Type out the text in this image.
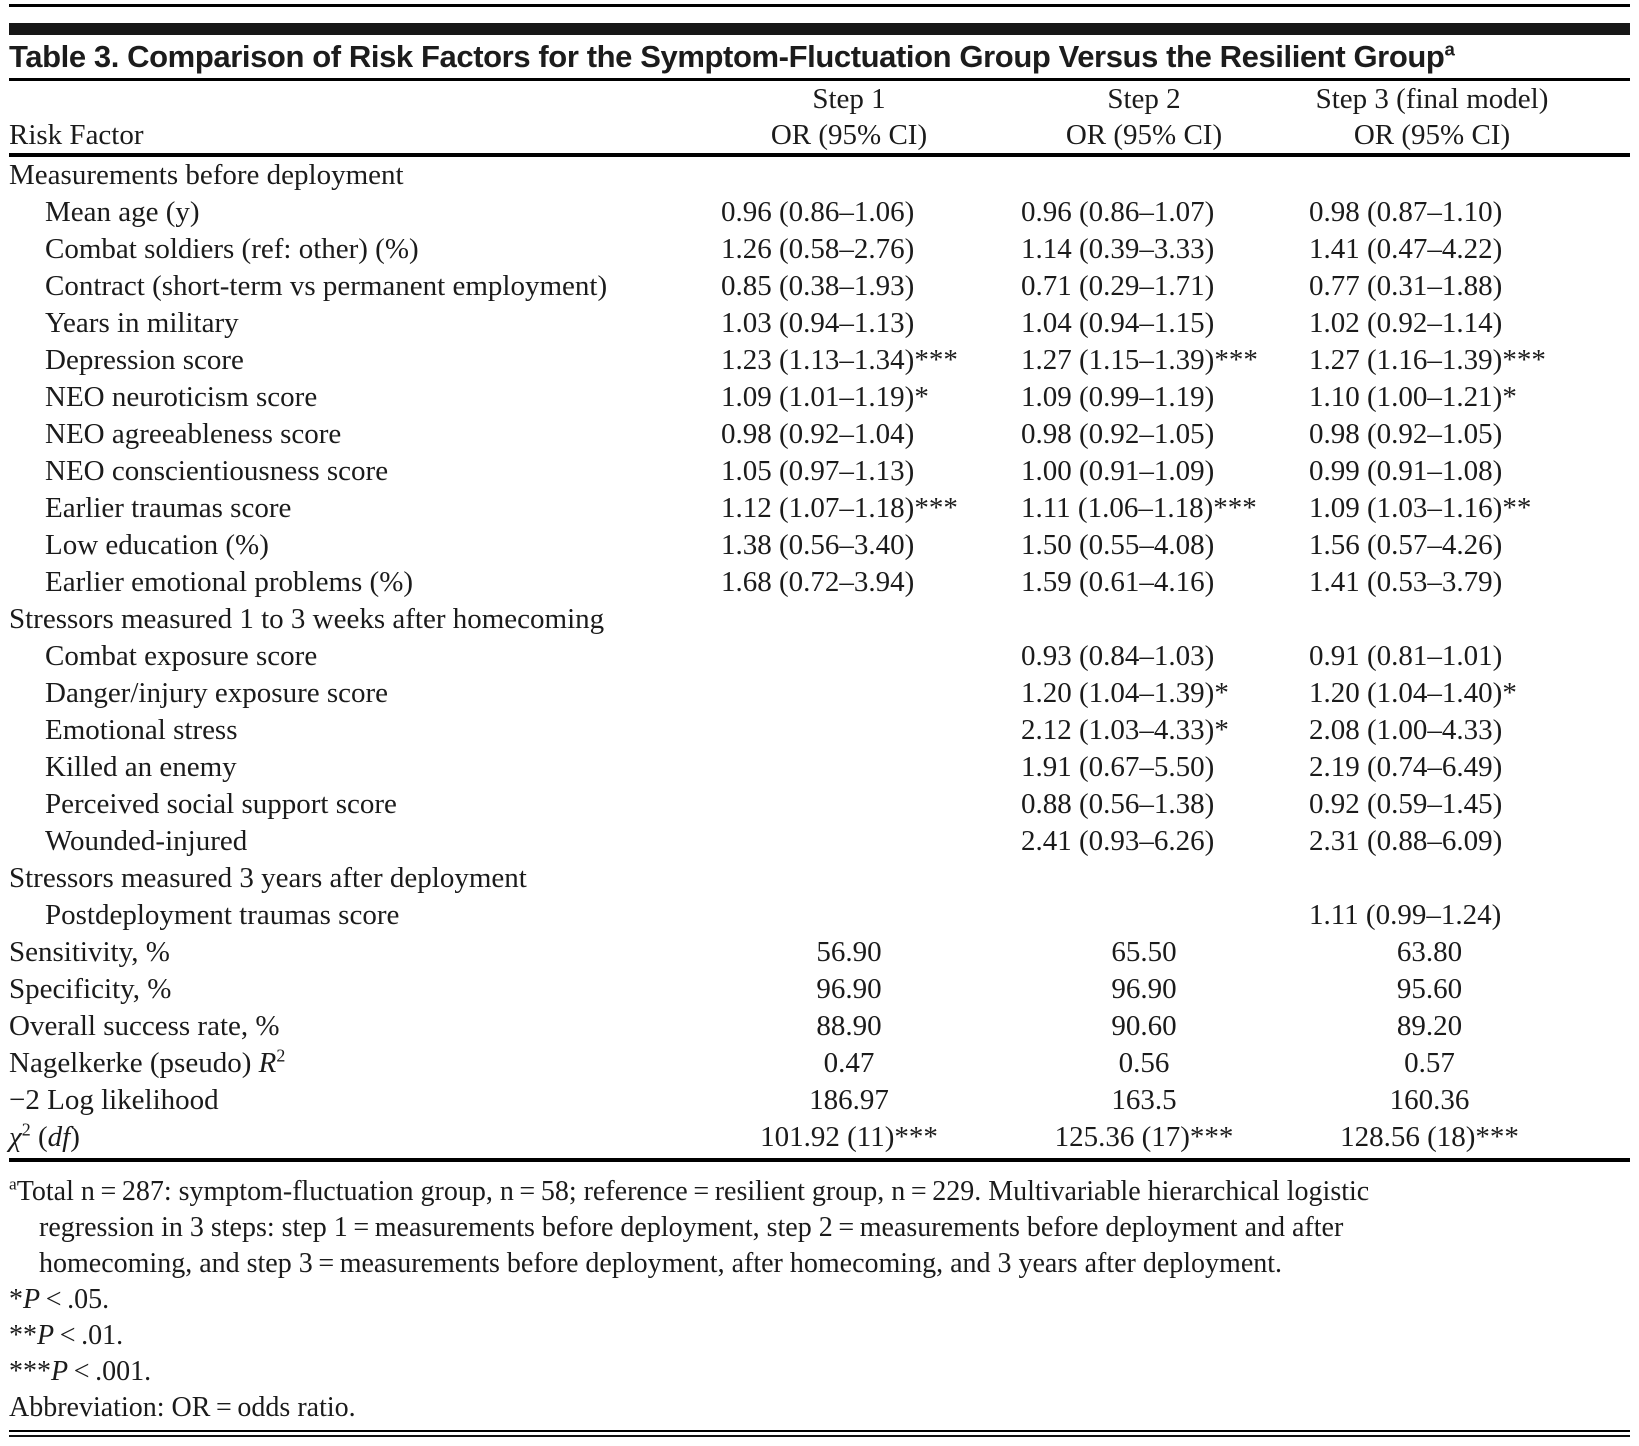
Table 3. Comparison of Risk Factors for the Symptom-Fluctuation Group Versus the Resilient Group$^a$
	Step 1	Step 2	Step 3 (final model)
Risk Factor	OR (95% CI)	OR (95% CI)	OR (95% CI)
Measurements before deployment			
Mean age (y)	0.96 (0.86–1.06)	0.96 (0.86–1.07)	0.98 (0.87–1.10)
Combat soldiers (ref: other) (%)	1.26 (0.58–2.76)	1.14 (0.39–3.33)	1.41 (0.47–4.22)
Contract (short-term vs permanent employment)	0.85 (0.38–1.93)	0.71 (0.29–1.71)	0.77 (0.31–1.88)
Years in military	1.03 (0.94–1.13)	1.04 (0.94–1.15)	1.02 (0.92–1.14)
Depression score	1.23 (1.13–1.34)***	1.27 (1.15–1.39)***	1.27 (1.16–1.39)***
NEO neuroticism score	1.09 (1.01–1.19)*	1.09 (0.99–1.19)	1.10 (1.00–1.21)*
NEO agreeableness score	0.98 (0.92–1.04)	0.98 (0.92–1.05)	0.98 (0.92–1.05)
NEO conscientiousness score	1.05 (0.97–1.13)	1.00 (0.91–1.09)	0.99 (0.91–1.08)
Earlier traumas score	1.12 (1.07–1.18)***	1.11 (1.06–1.18)***	1.09 (1.03–1.16)**
Low education (%)	1.38 (0.56–3.40)	1.50 (0.55–4.08)	1.56 (0.57–4.26)
Earlier emotional problems (%)	1.68 (0.72–3.94)	1.59 (0.61–4.16)	1.41 (0.53–3.79)
Stressors measured 1 to 3 weeks after homecoming			
Combat exposure score		0.93 (0.84–1.03)	0.91 (0.81–1.01)
Danger/injury exposure score		1.20 (1.04–1.39)*	1.20 (1.04–1.40)*
Emotional stress		2.12 (1.03–4.33)*	2.08 (1.00–4.33)
Killed an enemy		1.91 (0.67–5.50)	2.19 (0.74–6.49)
Perceived social support score		0.88 (0.56–1.38)	0.92 (0.59–1.45)
Wounded-injured		2.41 (0.93–6.26)	2.31 (0.88–6.09)
Stressors measured 3 years after deployment			
Postdeployment traumas score			1.11 (0.99–1.24)
Sensitivity, %	56.90	65.50	63.80
Specificity, %	96.90	96.90	95.60
Overall success rate, %	88.90	90.60	89.20
Nagelkerke (pseudo) $R^2$	0.47	0.56	0.57
−2 Log likelihood	186.97	163.5	160.36
$\chi^2$ (df)	101.92 (11)***	125.36 (17)***	128.56 (18)***
$^a$Total n = 287: symptom-fluctuation group, n = 58; reference = resilient group, n = 229. Multivariable hierarchical logistic
regression in 3 steps: step 1 = measurements before deployment, step 2 = measurements before deployment and after
homecoming, and step 3 = measurements before deployment, after homecoming, and 3 years after deployment.
*P < .05.
**P < .01.
***P < .001.
Abbreviation: OR = odds ratio.
